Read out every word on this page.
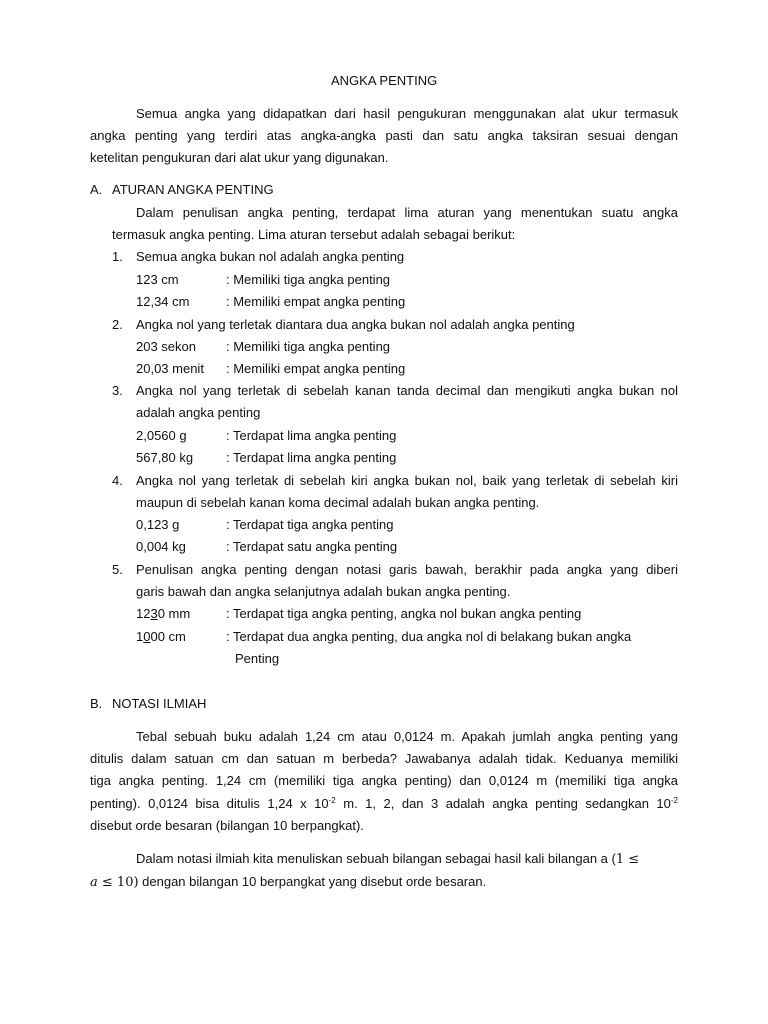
ANGKA PENTING
Semua angka yang didapatkan dari hasil pengukuran menggunakan alat ukur termasuk
angka penting yang terdiri atas angka-angka pasti dan satu angka taksiran sesuai dengan
ketelitan pengukuran dari alat ukur yang digunakan.
A. ATURAN ANGKA PENTING
Dalam penulisan angka penting, terdapat lima aturan yang menentukan suatu angka
termasuk angka penting. Lima aturan tersebut adalah sebagai berikut:
1. Semua angka bukan nol adalah angka penting
123 cm	: Memiliki tiga angka penting
12,34 cm	: Memiliki empat angka penting
2. Angka nol yang terletak diantara dua angka bukan nol adalah angka penting
203 sekon : Memiliki tiga angka penting
20,03 menit : Memiliki empat angka penting
3. Angka nol yang terletak di sebelah kanan tanda decimal dan mengikuti angka bukan nol
adalah angka penting
2,0560 g	: Terdapat lima angka penting
567,80 kg	: Terdapat lima angka penting
4. Angka nol yang terletak di sebelah kiri angka bukan nol, baik yang terletak di sebelah kiri
maupun di sebelah kanan koma decimal adalah bukan angka penting.
0,123 g	: Terdapat tiga angka penting
0,004 kg	: Terdapat satu angka penting
5. Penulisan angka penting dengan notasi garis bawah, berakhir pada angka yang diberi
garis bawah dan angka selanjutnya adalah bukan angka penting.
1230 mm	: Terdapat tiga angka penting, angka nol bukan angka penting
1000 cm	: Terdapat dua angka penting, dua angka nol di belakang bukan angka
Penting
B. NOTASI ILMIAH
Tebal sebuah buku adalah 1,24 cm atau 0,0124 m. Apakah jumlah angka penting yang
ditulis dalam satuan cm dan satuan m berbeda? Jawabanya adalah tidak. Keduanya memiliki
tiga angka penting. 1,24 cm (memiliki tiga angka penting) dan 0,0124 m (memiliki tiga angka
penting). 0,0124 bisa ditulis 1,24 x $10^{-2}$ m. 1, 2, dan 3 adalah angka penting sedangkan $10^{-2}$
disebut orde besaran (bilangan 10 berpangkat).
Dalam notasi ilmiah kita menuliskan sebuah bilangan sebagai hasil kali bilangan a (1 ≤
a ≤ 10) dengan bilangan 10 berpangkat yang disebut orde besaran.
